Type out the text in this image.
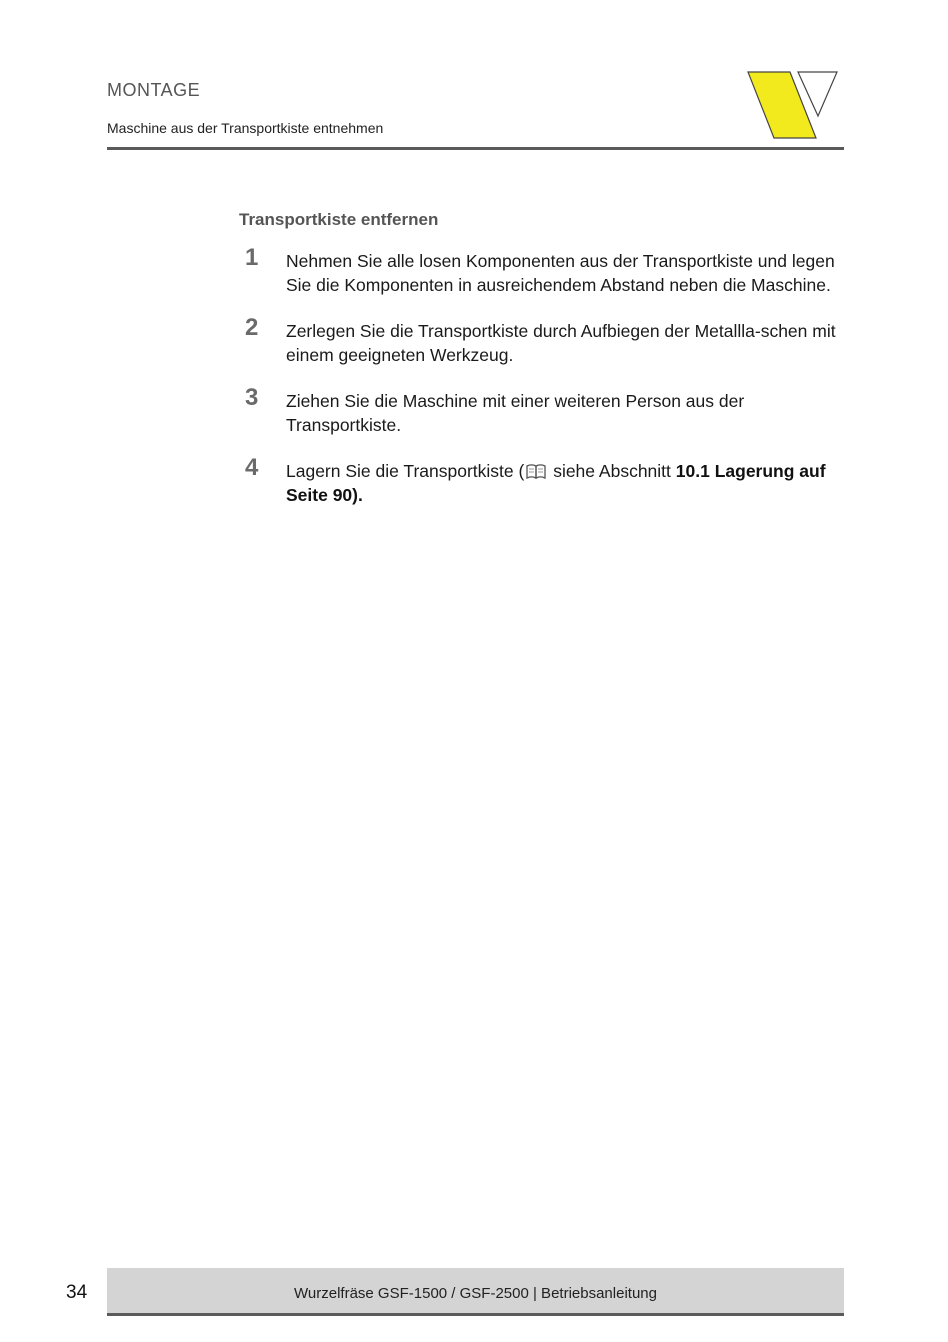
MONTAGE
Maschine aus der Transportkiste entnehmen
Transportkiste entfernen
1 Nehmen Sie alle losen Komponenten aus der Transportkiste und legen Sie die Komponenten in ausreichendem Abstand neben die Maschine.
2 Zerlegen Sie die Transportkiste durch Aufbiegen der Metallla-schen mit einem geeigneten Werkzeug.
3 Ziehen Sie die Maschine mit einer weiteren Person aus der Transportkiste.
4 Lagern Sie die Transportkiste ( siehe Abschnitt 10.1 Lagerung auf Seite 90).
Wurzelfräse GSF-1500 / GSF-2500 | Betriebsanleitung
34
